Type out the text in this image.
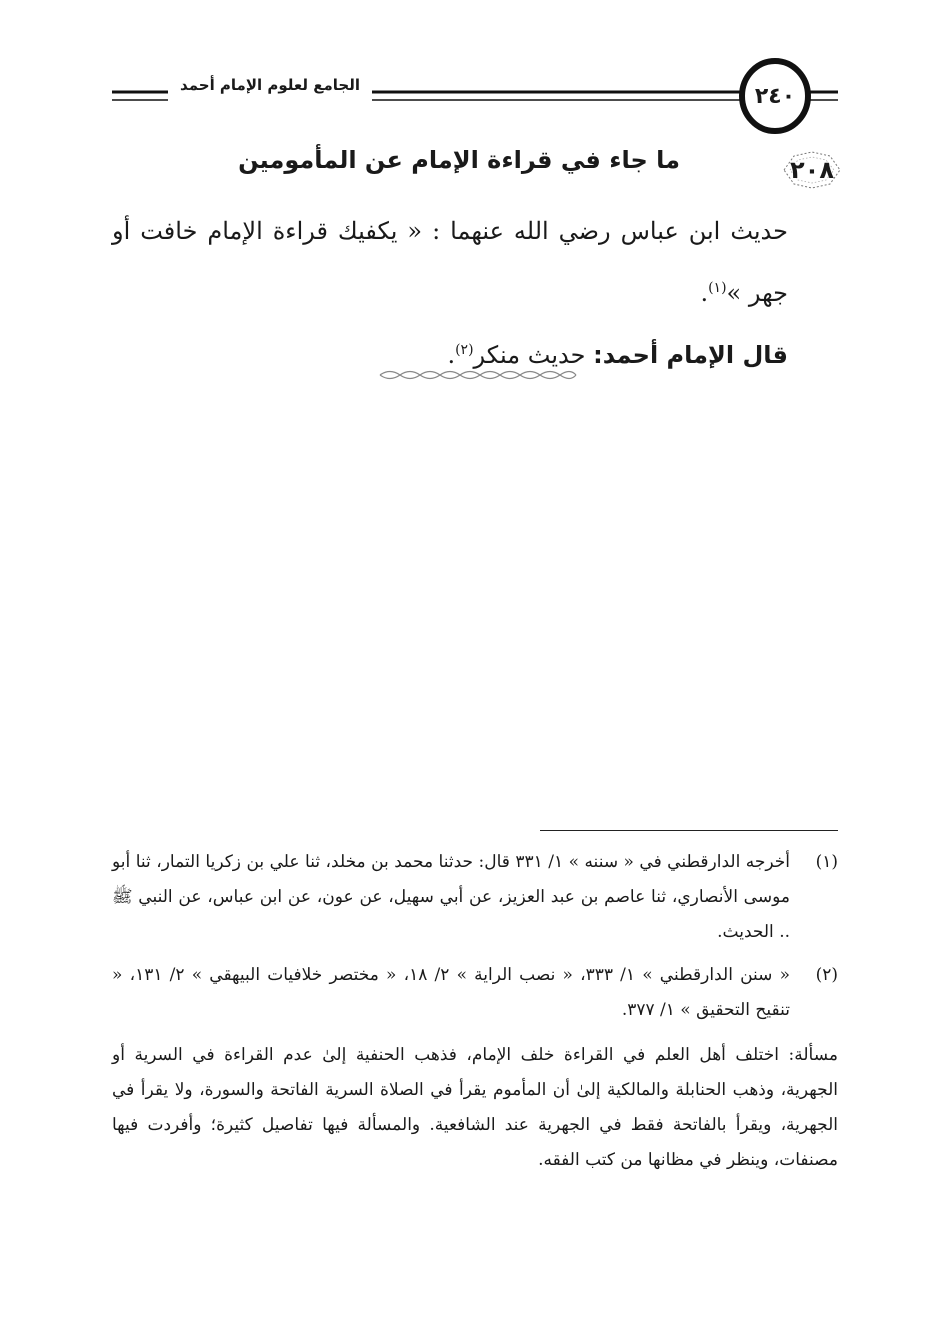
٢٤٠
الجامع لعلوم الإمام أحمد
٢٠٨
ما جاء في قراءة الإمام عن المأمومين

حديث ابن عباس رضي الله عنهما : « يكفيك قراءة الإمام خافت أو جهر »$^{(١)}$.

قال الإمام أحمد: حديث منكر$^{(٢)}$.

(١)
أخرجه الدارقطني في « سننه » ١/ ٣٣١ قال: حدثنا محمد بن مخلد، ثنا علي بن زكريا التمار، ثنا أبو موسى الأنصاري، ثنا عاصم بن عبد العزيز، عن أبي سهيل، عن عون، عن ابن عباس، عن النبي ﷺ .. الحديث.
(٢)
« سنن الدارقطني » ١/ ٣٣٣، « نصب الراية » ٢/ ١٨، « مختصر خلافيات البيهقي » ٢/ ١٣١، « تنقيح التحقيق » ١/ ٣٧٧.
مسألة: اختلف أهل العلم في القراءة خلف الإمام، فذهب الحنفية إلىٰ عدم القراءة في السرية أو الجهرية، وذهب الحنابلة والمالكية إلىٰ أن المأموم يقرأ في الصلاة السرية الفاتحة والسورة، ولا يقرأ في الجهرية، ويقرأ بالفاتحة فقط في الجهرية عند الشافعية. والمسألة فيها تفاصيل كثيرة؛ وأفردت فيها مصنفات، وينظر في مظانها من كتب الفقه.
